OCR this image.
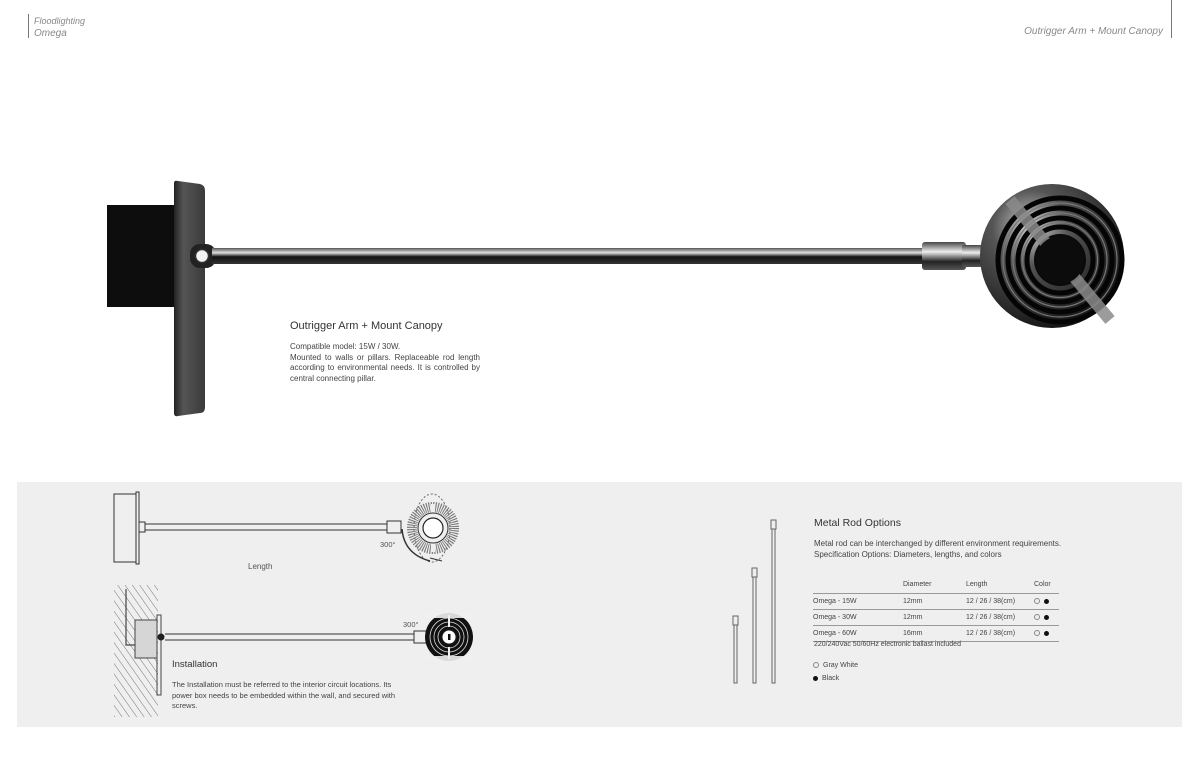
Floodlighting
Omega	Outrigger Arm + Mount Canopy
Outrigger Arm + Mount Canopy
Compatible model: 15W / 30W.
Mounted to walls or pillars. Replaceable rod length according to environmental needs. It is controlled by central connecting pillar.
300°
Length
300°
Installation
The Installation must be referred to the interior circuit locations. Its power box needs to be embedded within the wall, and secured with screws.
Metal Rod Options
Metal rod can be interchanged by different environment requirements.
Specification Options: Diameters, lengths, and colors
	Diameter	Length	Color
Omega - 15W	12mm	12 / 26 / 38(cm)	
Omega - 30W	12mm	12 / 26 / 38(cm)	
Omega - 60W	16mm	12 / 26 / 38(cm)	
220/240Vac 50/60Hz electronic ballast included
Gray White
Black
